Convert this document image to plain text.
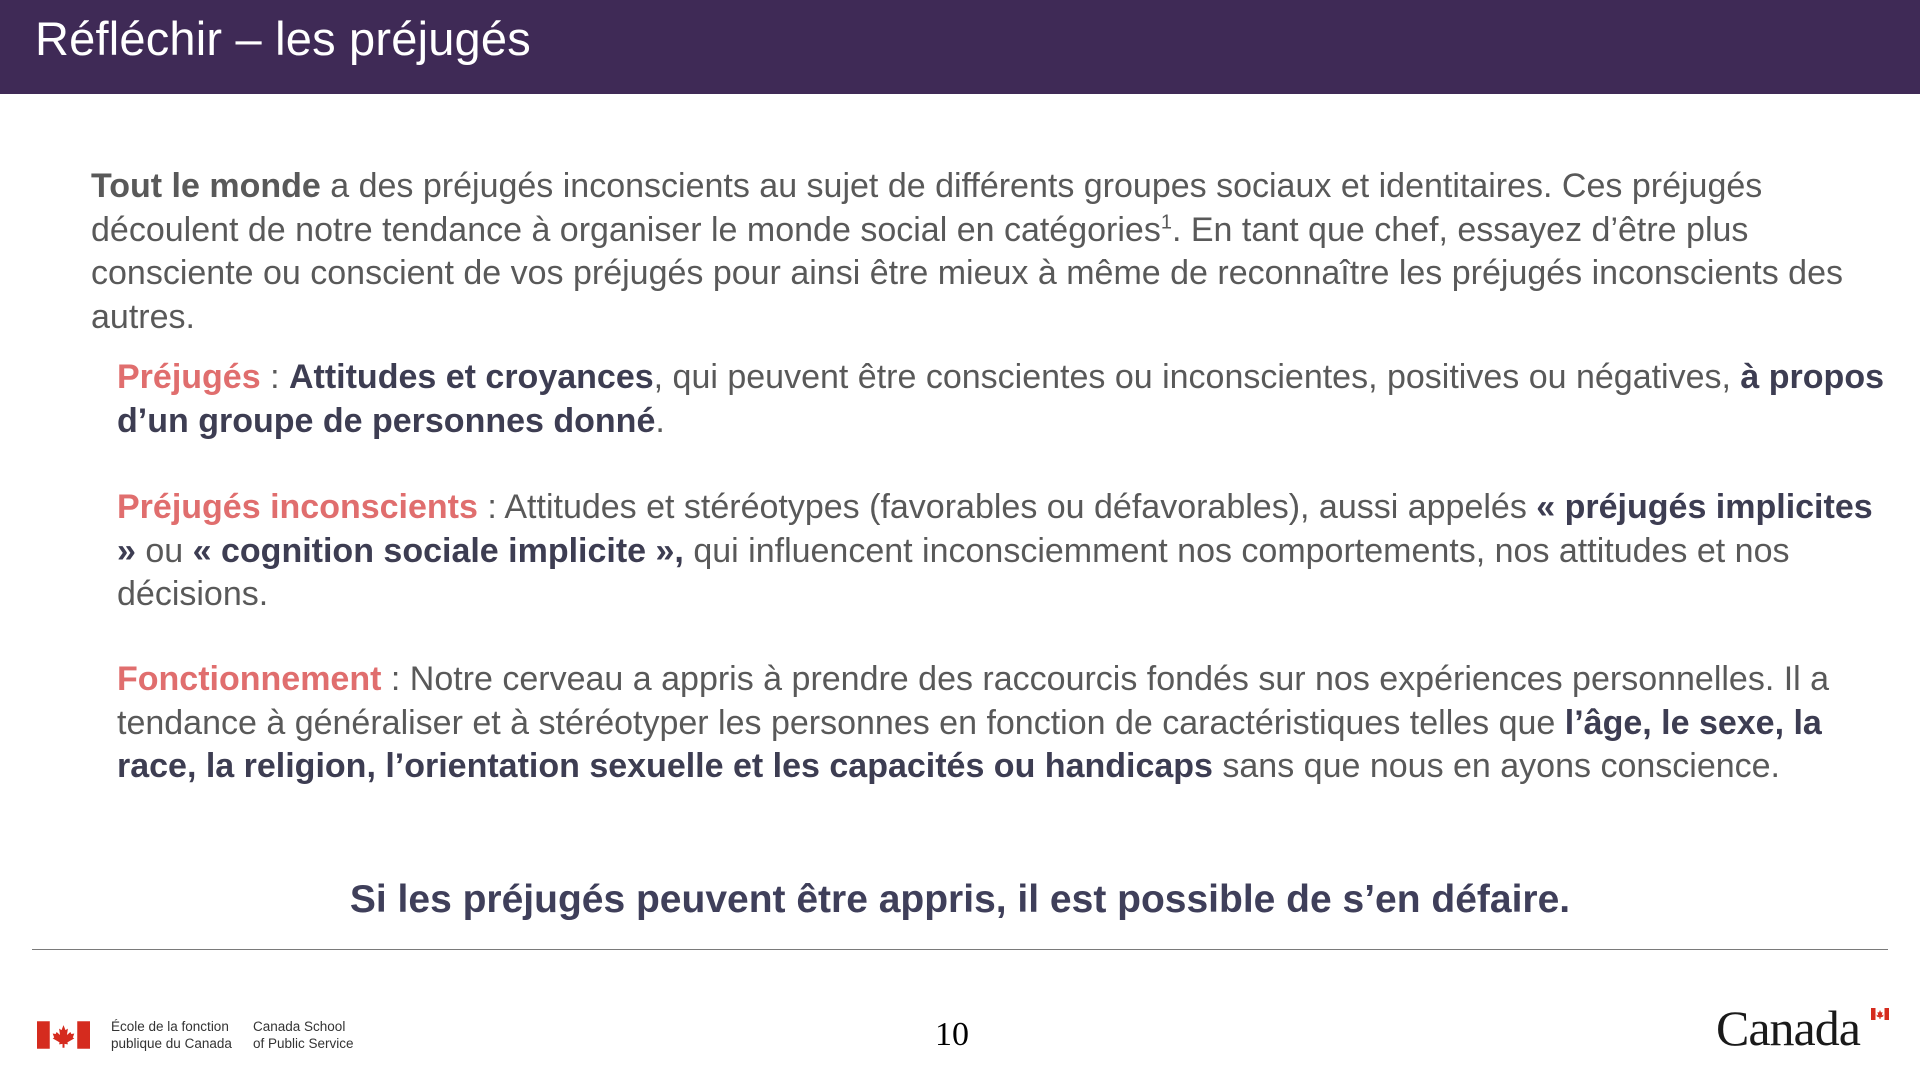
Réfléchir – les préjugés

Tout le monde a des préjugés inconscients au sujet de différents groupes sociaux et identitaires. Ces préjugés découlent de notre tendance à organiser le monde social en catégories$^1$. En tant que chef, essayez d’être plus consciente ou conscient de vos préjugés pour ainsi être mieux à même de reconnaître les préjugés inconscients des autres.

Préjugés : Attitudes et croyances, qui peuvent être conscientes ou inconscientes, positives ou négatives, à propos d’un groupe de personnes donné.

Préjugés inconscients : Attitudes et stéréotypes (favorables ou défavorables), aussi appelés « préjugés implicites » ou « cognition sociale implicite », qui influencent inconsciemment nos comportements, nos attitudes et nos décisions.

Fonctionnement : Notre cerveau a appris à prendre des raccourcis fondés sur nos expériences personnelles. Il a tendance à généraliser et à stéréotyper les personnes en fonction de caractéristiques telles que l’âge, le sexe, la race, la religion, l’orientation sexuelle et les capacités ou handicaps sans que nous en ayons conscience.

Si les préjugés peuvent être appris, il est possible de s’en défaire.
École de la fonction
publique du Canada
Canada School
of Public Service	10	Canada
